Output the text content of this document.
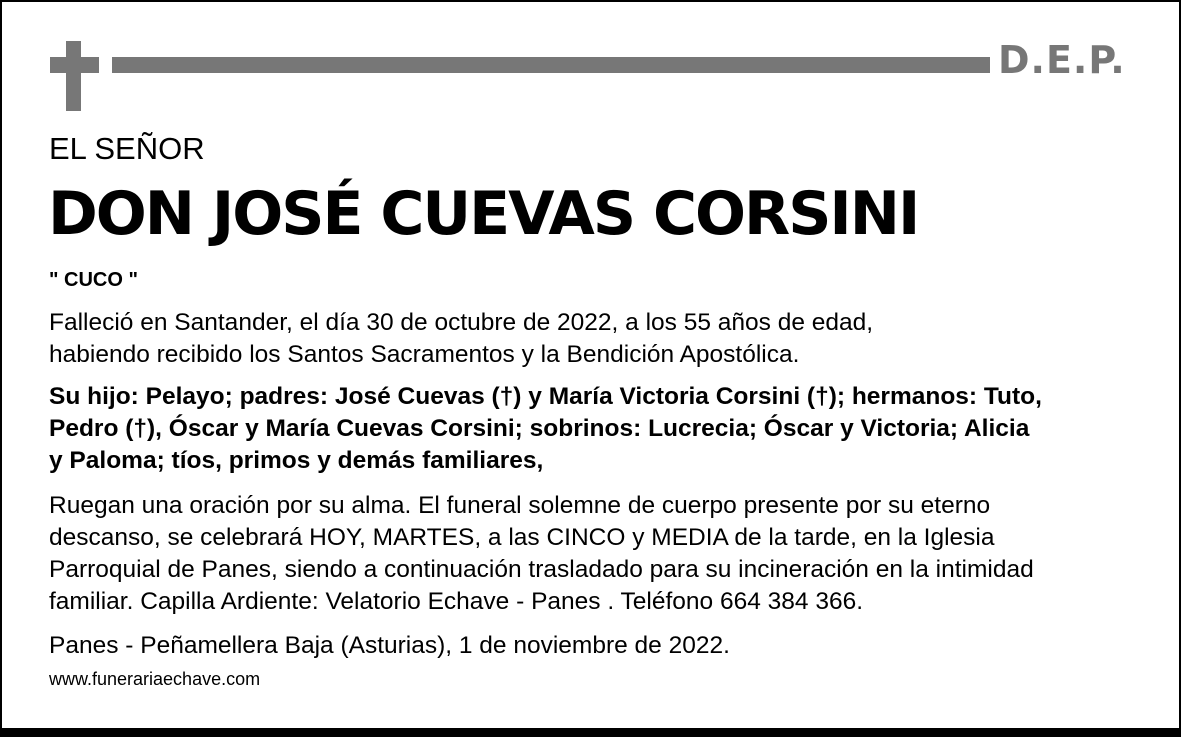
D.E.P.
EL SEÑOR
DON JOSÉ CUEVAS CORSINI
" CUCO "
Falleció en Santander, el día 30 de octubre de 2022, a los 55 años de edad,
habiendo recibido los Santos Sacramentos y la Bendición Apostólica.
Su hijo: Pelayo; padres: José Cuevas (†) y María Victoria Corsini (†); hermanos: Tuto,
Pedro (†), Óscar y María Cuevas Corsini; sobrinos: Lucrecia; Óscar y Victoria; Alicia
y Paloma; tíos, primos y demás familiares,
Ruegan una oración por su alma. El funeral solemne de cuerpo presente por su eterno
descanso, se celebrará HOY, MARTES, a las CINCO y MEDIA de la tarde, en la Iglesia
Parroquial de Panes, siendo a continuación trasladado para su incineración en la intimidad
familiar. Capilla Ardiente: Velatorio Echave - Panes . Teléfono 664 384 366.
Panes - Peñamellera Baja (Asturias), 1 de noviembre de 2022.
www.funerariaechave.com
